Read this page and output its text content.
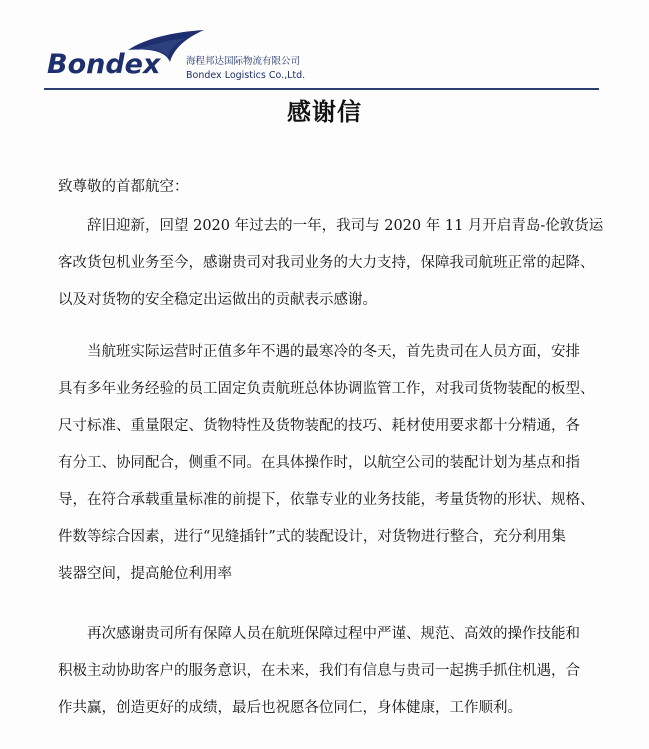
Bondex	海程邦达国际物流有限公司
Bondex Logistics Co.,Ltd.
感谢信
致尊敬的首都航空：
辞旧迎新，回望 2020 年过去的一年，我司与 2020 年 11 月开启青岛-伦敦货运
客改货包机业务至今，感谢贵司对我司业务的大力支持，保障我司航班正常的起降、
以及对货物的安全稳定出运做出的贡献表示感谢。
当航班实际运营时正值多年不遇的最寒冷的冬天，首先贵司在人员方面，安排
具有多年业务经验的员工固定负责航班总体协调监管工作，对我司货物装配的板型、
尺寸标准、重量限定、货物特性及货物装配的技巧、耗材使用要求都十分精通，各
有分工、协同配合，侧重不同。在具体操作时，以航空公司的装配计划为基点和指
导，在符合承载重量标准的前提下，依靠专业的业务技能，考量货物的形状、规格、
件数等综合因素，进行“见缝插针”式的装配设计，对货物进行整合，充分利用集
装器空间，提高舱位利用率
再次感谢贵司所有保障人员在航班保障过程中严谨、规范、高效的操作技能和
积极主动协助客户的服务意识，在未来，我们有信息与贵司一起携手抓住机遇，合
作共赢，创造更好的成绩，最后也祝愿各位同仁，身体健康，工作顺利。
